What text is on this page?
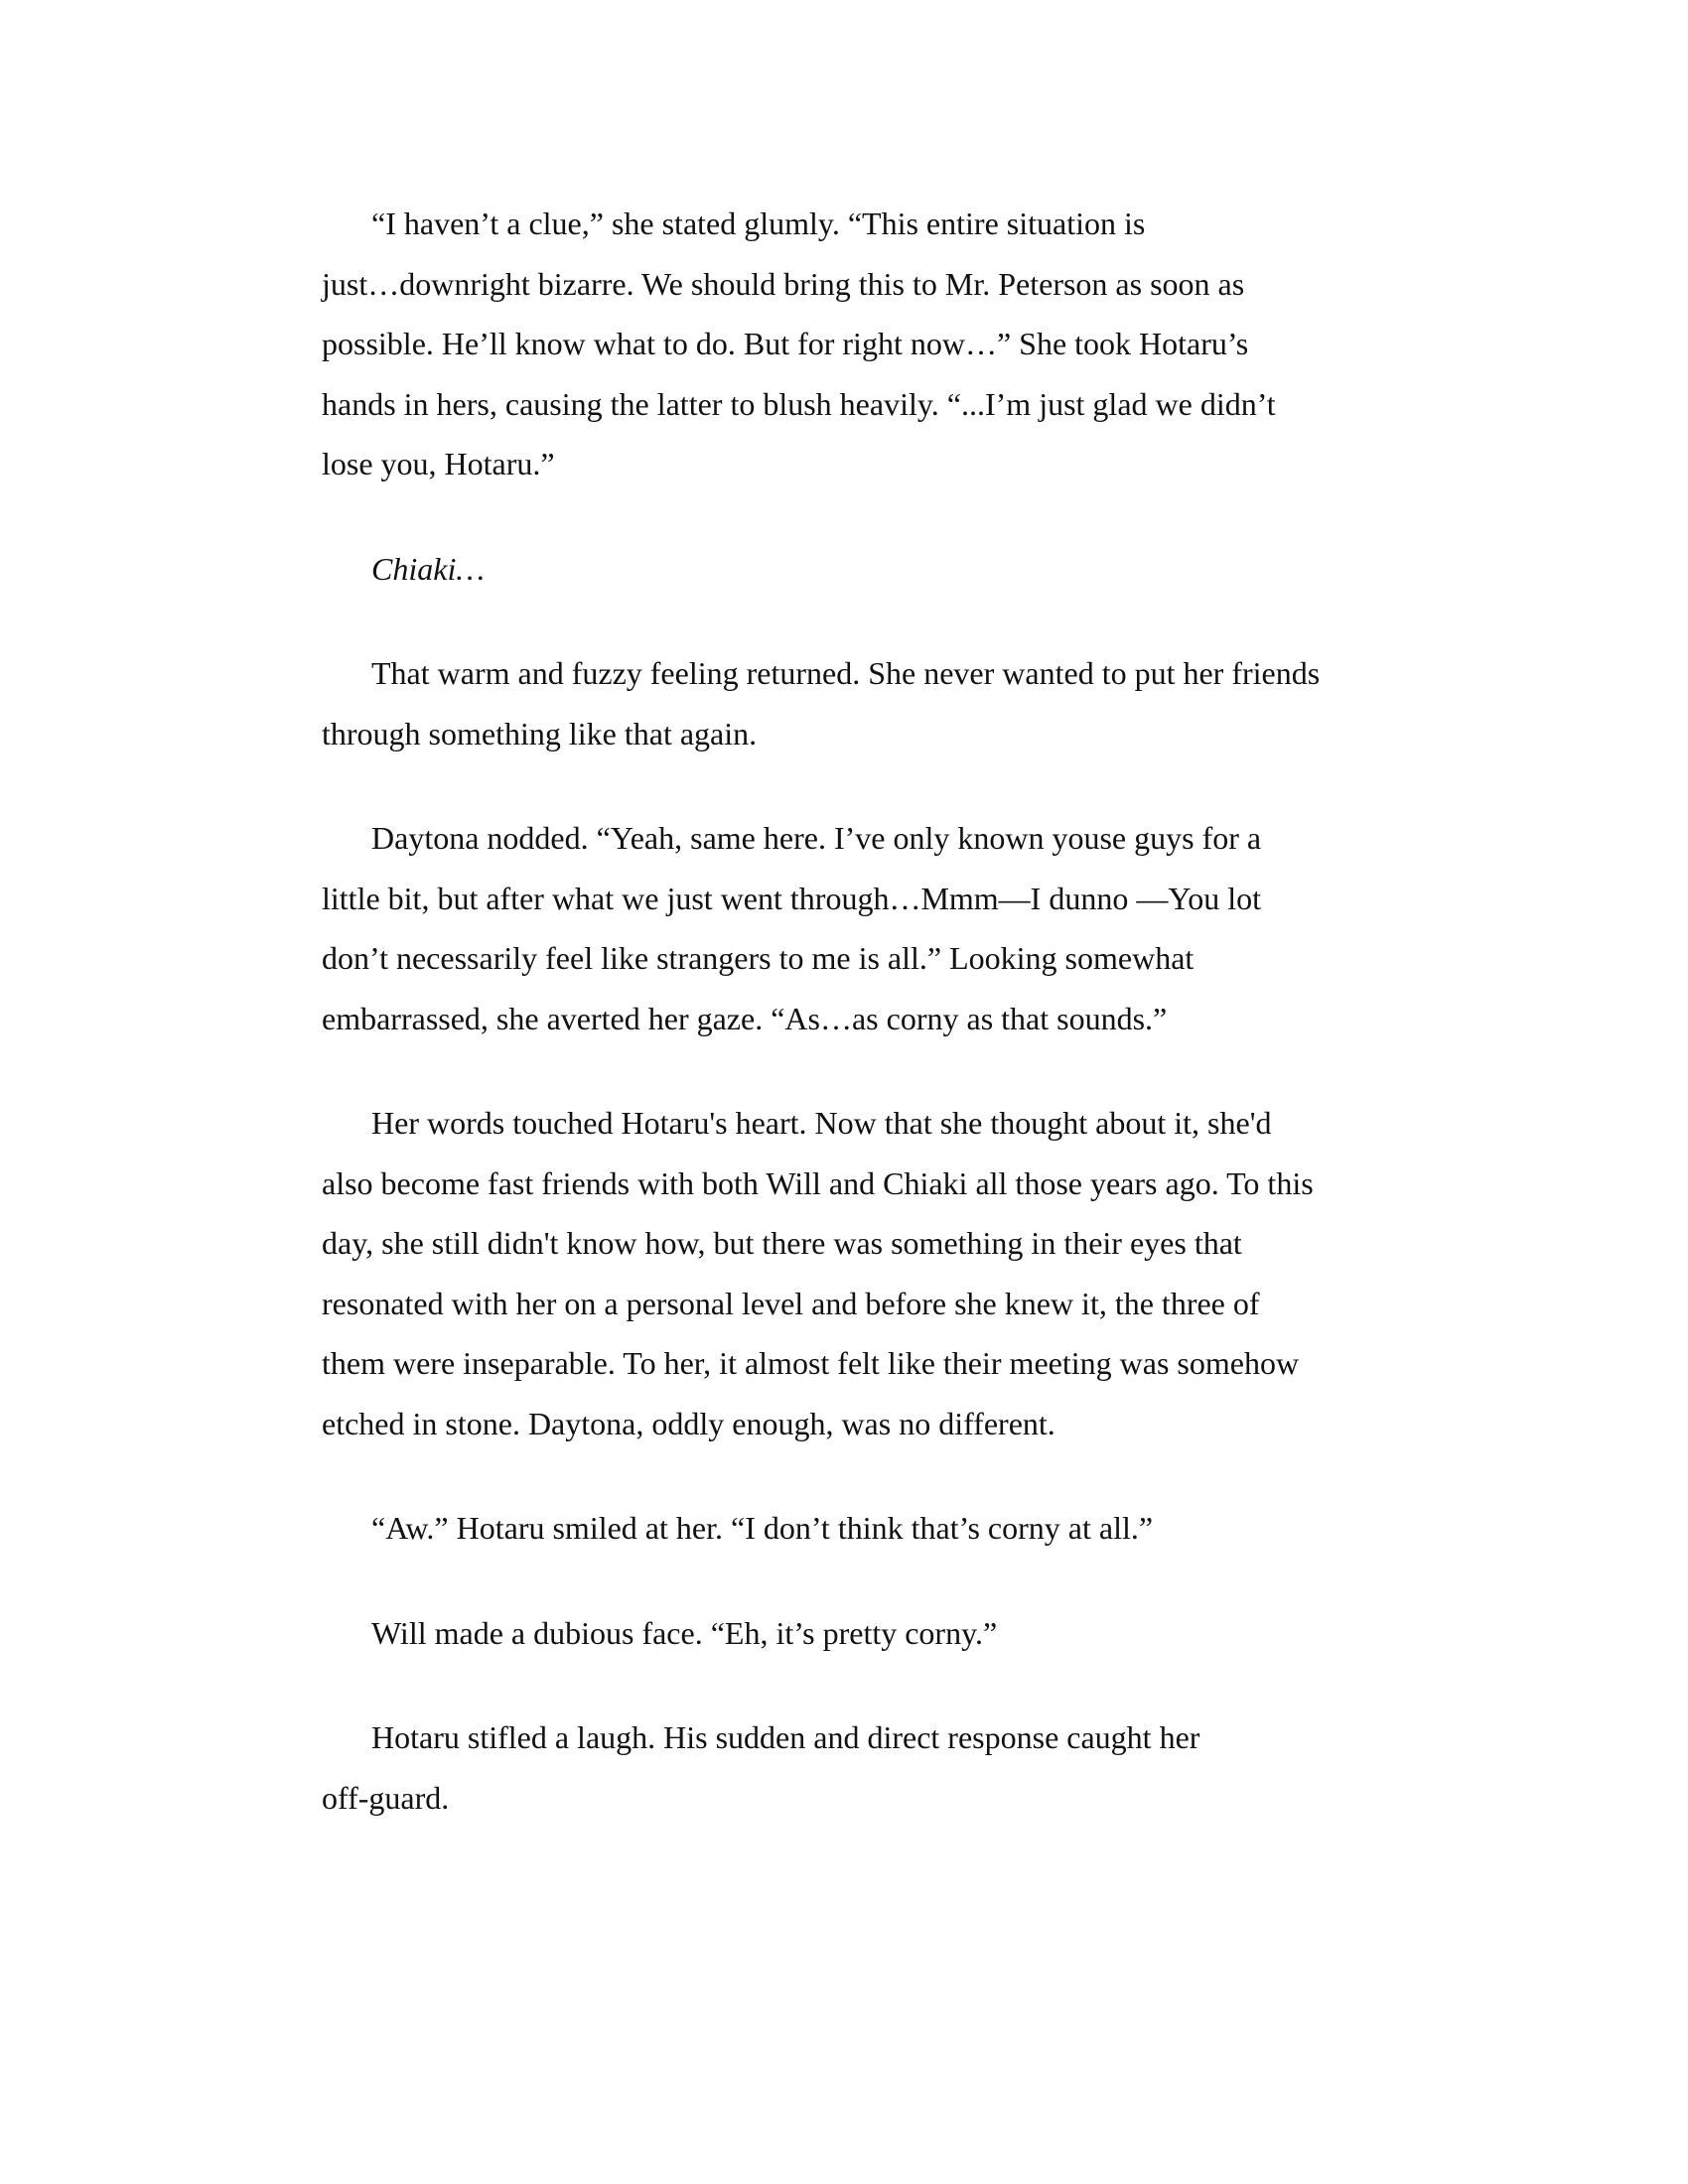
“I haven’t a clue,” she stated glumly. “This entire situation is
just…downright bizarre. We should bring this to Mr. Peterson as soon as
possible. He’ll know what to do. But for right now…” She took Hotaru’s
hands in hers, causing the latter to blush heavily. “...I’m just glad we didn’t
lose you, Hotaru.”

Chiaki…

That warm and fuzzy feeling returned. She never wanted to put her friends
through something like that again.

Daytona nodded. “Yeah, same here. I’ve only known youse guys for a
little bit, but after what we just went through…Mmm—I dunno —You lot
don’t necessarily feel like strangers to me is all.” Looking somewhat
embarrassed, she averted her gaze. “As…as corny as that sounds.”

Her words touched Hotaru's heart. Now that she thought about it, she'd
also become fast friends with both Will and Chiaki all those years ago. To this
day, she still didn't know how, but there was something in their eyes that
resonated with her on a personal level and before she knew it, the three of
them were inseparable. To her, it almost felt like their meeting was somehow
etched in stone. Daytona, oddly enough, was no different.

“Aw.” Hotaru smiled at her. “I don’t think that’s corny at all.”

Will made a dubious face. “Eh, it’s pretty corny.”

Hotaru stifled a laugh. His sudden and direct response caught her
off-guard.
